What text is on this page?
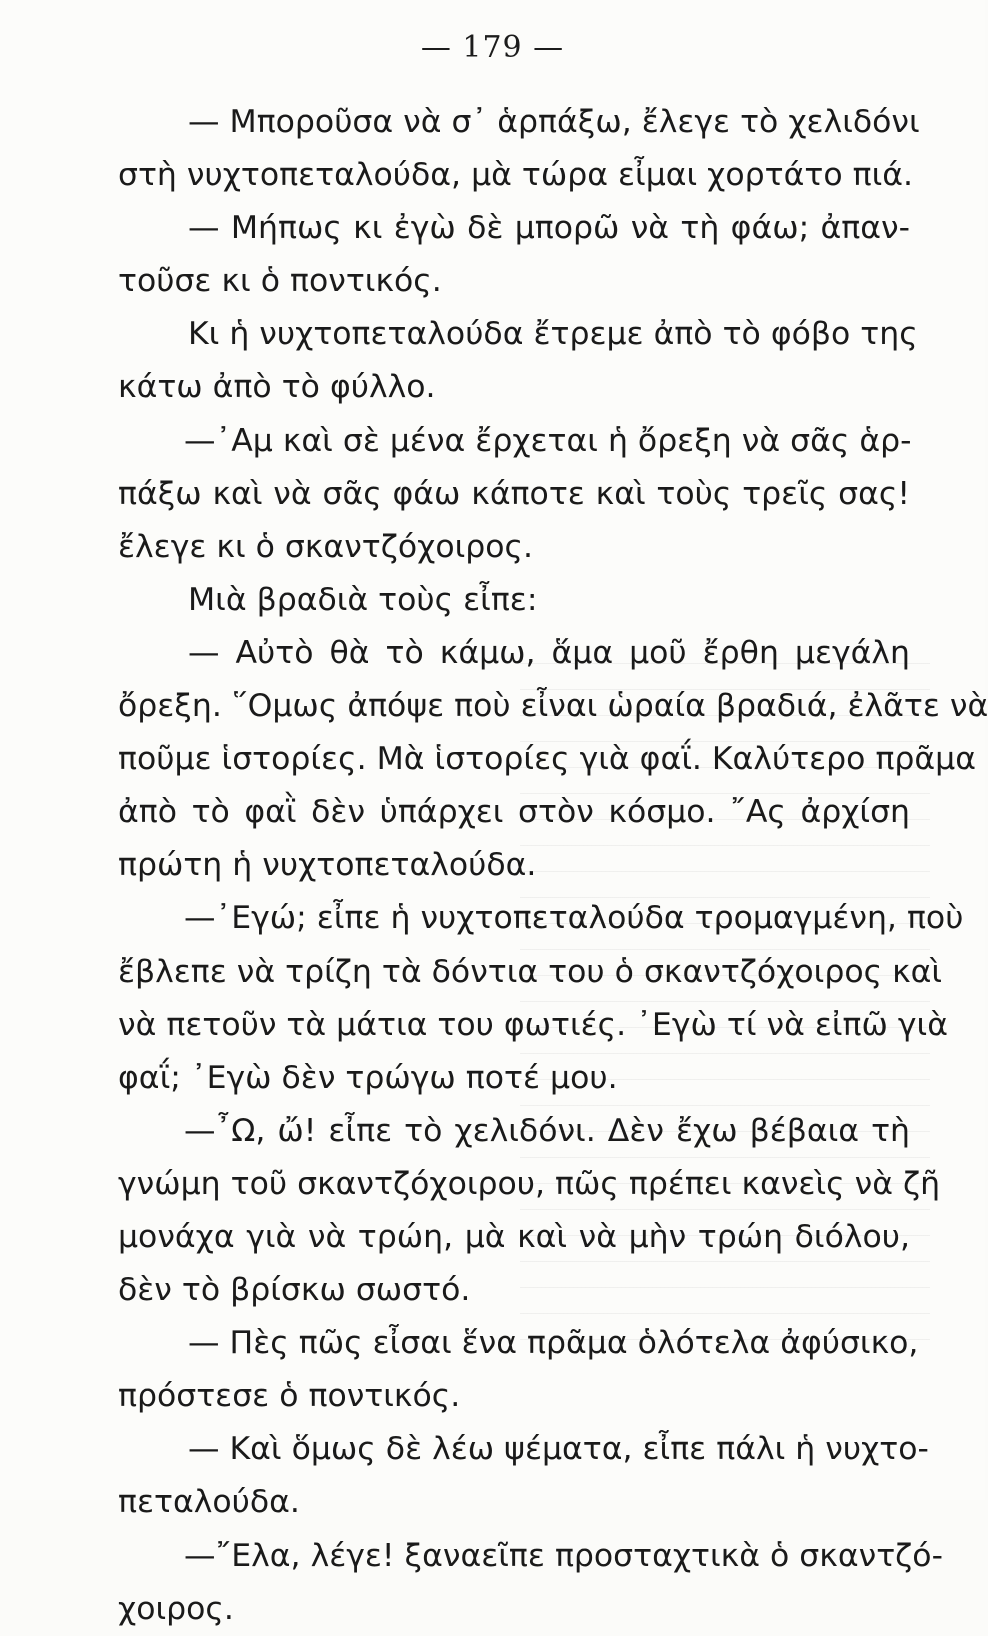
— 179 —
— Μποροῦσα νὰ σ᾿ ἁρπάξω, ἔλεγε τὸ χελιδόνι
στὴ νυχτοπεταλούδα, μὰ τώρα εἶμαι χορτάτο πιά.
— Μήπως κι ἐγὼ δὲ μπορῶ νὰ τὴ φάω; ἀπαν-
τοῦσε κι ὁ ποντικός.
Κι ἡ νυχτοπεταλούδα ἔτρεμε ἀπὸ τὸ φόβο της
κάτω ἀπὸ τὸ φύλλο.
—᾿Αμ καὶ σὲ μένα ἔρχεται ἡ ὄρεξη νὰ σᾶς ἁρ-
πάξω καὶ νὰ σᾶς φάω κάποτε καὶ τοὺς τρεῖς σας!
ἔλεγε κι ὁ σκαντζόχοιρος.
Μιὰ βραδιὰ τοὺς εἶπε:
— Αὐτὸ θὰ τὸ κάμω, ἅμα μοῦ ἔρθη μεγάλη
ὄρεξη. ῞Ομως ἀπόψε ποὺ εἶναι ὡραία βραδιά, ἐλᾶτε νὰ
ποῦμε ἱστορίες. Μὰ ἱστορίες γιὰ φαΐ. Καλύτερο πρᾶμα
ἀπὸ τὸ φαῒ δὲν ὑπάρχει στὸν κόσμο. ῎Ας ἀρχίση
πρώτη ἡ νυχτοπεταλούδα.
—᾿Εγώ; εἶπε ἡ νυχτοπεταλούδα τρομαγμένη, ποὺ
ἔβλεπε νὰ τρίζη τὰ δόντια του ὁ σκαντζόχοιρος καὶ
νὰ πετοῦν τὰ μάτια του φωτιές. ᾿Εγὼ τί νὰ εἰπῶ γιὰ
φαΐ; ᾿Εγὼ δὲν τρώγω ποτέ μου.
—῏Ω, ὤ! εἶπε τὸ χελιδόνι. Δὲν ἔχω βέβαια τὴ
γνώμη τοῦ σκαντζόχοιρου, πῶς πρέπει κανεὶς νὰ ζῆ
μονάχα γιὰ νὰ τρώη, μὰ καὶ νὰ μὴν τρώη διόλου,
δὲν τὸ βρίσκω σωστό.
— Πὲς πῶς εἶσαι ἕνα πρᾶμα ὁλότελα ἀφύσικο,
πρόστεσε ὁ ποντικός.
— Καὶ ὅμως δὲ λέω ψέματα, εἶπε πάλι ἡ νυχτο-
πεταλούδα.
—῎Ελα, λέγε! ξαναεῖπε προσταχτικὰ ὁ σκαντζό-
χοιρος.
